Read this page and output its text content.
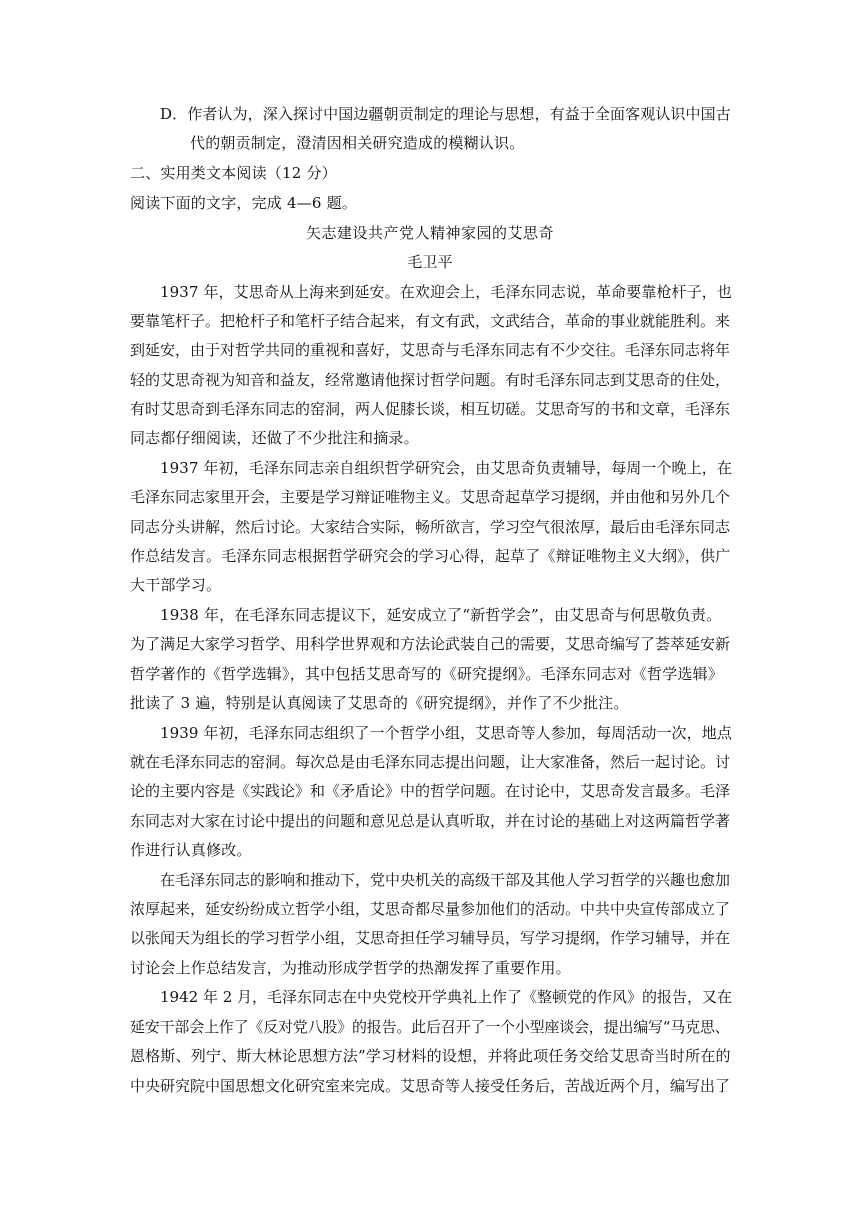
D．作者认为，深入探讨中国边疆朝贡制定的理论与思想，有益于全面客观认识中国古
代的朝贡制定，澄清因相关研究造成的模糊认识。
二、实用类文本阅读（12 分）
阅读下面的文字，完成 4—6 题。
矢志建设共产党人精神家园的艾思奇
毛卫平
1937 年，艾思奇从上海来到延安。在欢迎会上，毛泽东同志说，革命要靠枪杆子，也
要靠笔杆子。把枪杆子和笔杆子结合起来，有文有武，文武结合，革命的事业就能胜利。来
到延安，由于对哲学共同的重视和喜好，艾思奇与毛泽东同志有不少交往。毛泽东同志将年
轻的艾思奇视为知音和益友，经常邀请他探讨哲学问题。有时毛泽东同志到艾思奇的住处，
有时艾思奇到毛泽东同志的窑洞，两人促膝长谈，相互切磋。艾思奇写的书和文章，毛泽东
同志都仔细阅读，还做了不少批注和摘录。
1937 年初，毛泽东同志亲自组织哲学研究会，由艾思奇负责辅导，每周一个晚上，在
毛泽东同志家里开会，主要是学习辩证唯物主义。艾思奇起草学习提纲，并由他和另外几个
同志分头讲解，然后讨论。大家结合实际，畅所欲言，学习空气很浓厚，最后由毛泽东同志
作总结发言。毛泽东同志根据哲学研究会的学习心得，起草了《辩证唯物主义大纲》，供广
大干部学习。
1938 年，在毛泽东同志提议下，延安成立了“新哲学会”，由艾思奇与何思敬负责。
为了满足大家学习哲学、用科学世界观和方法论武装自己的需要，艾思奇编写了荟萃延安新
哲学著作的《哲学选辑》，其中包括艾思奇写的《研究提纲》。毛泽东同志对《哲学选辑》
批读了 3 遍，特别是认真阅读了艾思奇的《研究提纲》，并作了不少批注。
1939 年初，毛泽东同志组织了一个哲学小组，艾思奇等人参加，每周活动一次，地点
就在毛泽东同志的窑洞。每次总是由毛泽东同志提出问题，让大家准备，然后一起讨论。讨
论的主要内容是《实践论》和《矛盾论》中的哲学问题。在讨论中，艾思奇发言最多。毛泽
东同志对大家在讨论中提出的问题和意见总是认真听取，并在讨论的基础上对这两篇哲学著
作进行认真修改。
在毛泽东同志的影响和推动下，党中央机关的高级干部及其他人学习哲学的兴趣也愈加
浓厚起来，延安纷纷成立哲学小组，艾思奇都尽量参加他们的活动。中共中央宣传部成立了
以张闻天为组长的学习哲学小组，艾思奇担任学习辅导员，写学习提纲，作学习辅导，并在
讨论会上作总结发言，为推动形成学哲学的热潮发挥了重要作用。
1942 年 2 月，毛泽东同志在中央党校开学典礼上作了《整顿党的作风》的报告，又在
延安干部会上作了《反对党八股》的报告。此后召开了一个小型座谈会，提出编写“马克思、
恩格斯、列宁、斯大林论思想方法”学习材料的设想，并将此项任务交给艾思奇当时所在的
中央研究院中国思想文化研究室来完成。艾思奇等人接受任务后，苦战近两个月，编写出了
